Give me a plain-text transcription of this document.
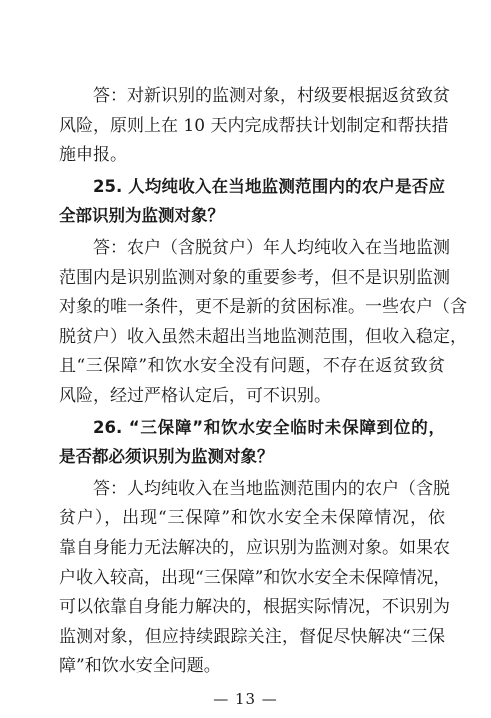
答：对新识别的监测对象，村级要根据返贫致贫
风险，原则上在 10 天内完成帮扶计划制定和帮扶措
施申报。
25. 人均纯收入在当地监测范围内的农户是否应
全部识别为监测对象？
答：农户（含脱贫户）年人均纯收入在当地监测
范围内是识别监测对象的重要参考，但不是识别监测
对象的唯一条件，更不是新的贫困标准。一些农户（含
脱贫户）收入虽然未超出当地监测范围，但收入稳定，
且“三保障”和饮水安全没有问题，不存在返贫致贫
风险，经过严格认定后，可不识别。
26. “三保障”和饮水安全临时未保障到位的，
是否都必须识别为监测对象？
答：人均纯收入在当地监测范围内的农户（含脱
贫户），出现“三保障”和饮水安全未保障情况，依
靠自身能力无法解决的，应识别为监测对象。如果农
户收入较高，出现“三保障”和饮水安全未保障情况，
可以依靠自身能力解决的，根据实际情况，不识别为
监测对象，但应持续跟踪关注，督促尽快解决“三保
障”和饮水安全问题。
— 13 —
